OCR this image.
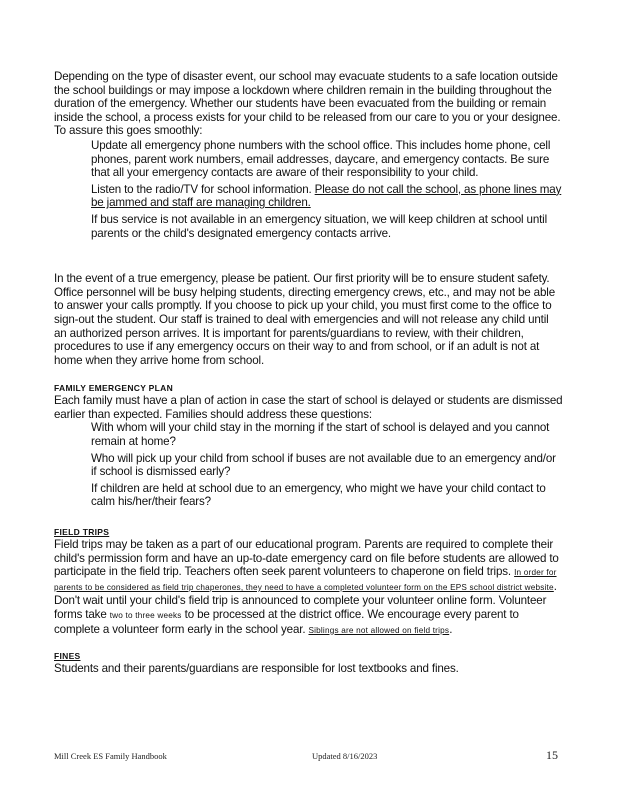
Depending on the type of disaster event, our school may evacuate students to a safe location outside the school buildings or may impose a lockdown where children remain in the building throughout the duration of the emergency. Whether our students have been evacuated from the building or remain inside the school, a process exists for your child to be released from our care to you or your designee. To assure this goes smoothly:

Update all emergency phone numbers with the school office. This includes home phone, cell phones, parent work numbers, email addresses, daycare, and emergency contacts. Be sure that all your emergency contacts are aware of their responsibility to your child.
Listen to the radio/TV for school information. Please do not call the school, as phone lines may be jammed and staff are managing children.
If bus service is not available in an emergency situation, we will keep children at school until parents or the child's designated emergency contacts arrive.

In the event of a true emergency, please be patient. Our first priority will be to ensure student safety. Office personnel will be busy helping students, directing emergency crews, etc., and may not be able to answer your calls promptly. If you choose to pick up your child, you must first come to the office to sign-out the student. Our staff is trained to deal with emergencies and will not release any child until an authorized person arrives. It is important for parents/guardians to review, with their children, procedures to use if any emergency occurs on their way to and from school, or if an adult is not at home when they arrive home from school.

FAMILY EMERGENCY PLAN

Each family must have a plan of action in case the start of school is delayed or students are dismissed earlier than expected. Families should address these questions:

With whom will your child stay in the morning if the start of school is delayed and you cannot remain at home?
Who will pick up your child from school if buses are not available due to an emergency and/or if school is dismissed early?
If children are held at school due to an emergency, who might we have your child contact to calm his/her/their fears?
FIELD TRIPS

Field trips may be taken as a part of our educational program. Parents are required to complete their child's permission form and have an up-to-date emergency card on file before students are allowed to participate in the field trip. Teachers often seek parent volunteers to chaperone on field trips. In order for parents to be considered as field trip chaperones, they need to have a completed volunteer form on the EPS school district website. Don't wait until your child's field trip is announced to complete your volunteer online form. Volunteer forms take two to three weeks to be processed at the district office. We encourage every parent to complete a volunteer form early in the school year. Siblings are not allowed on field trips.

FINES

Students and their parents/guardians are responsible for lost textbooks and fines.

Mill Creek ES Family Handbook	Updated 8/16/2023	15
